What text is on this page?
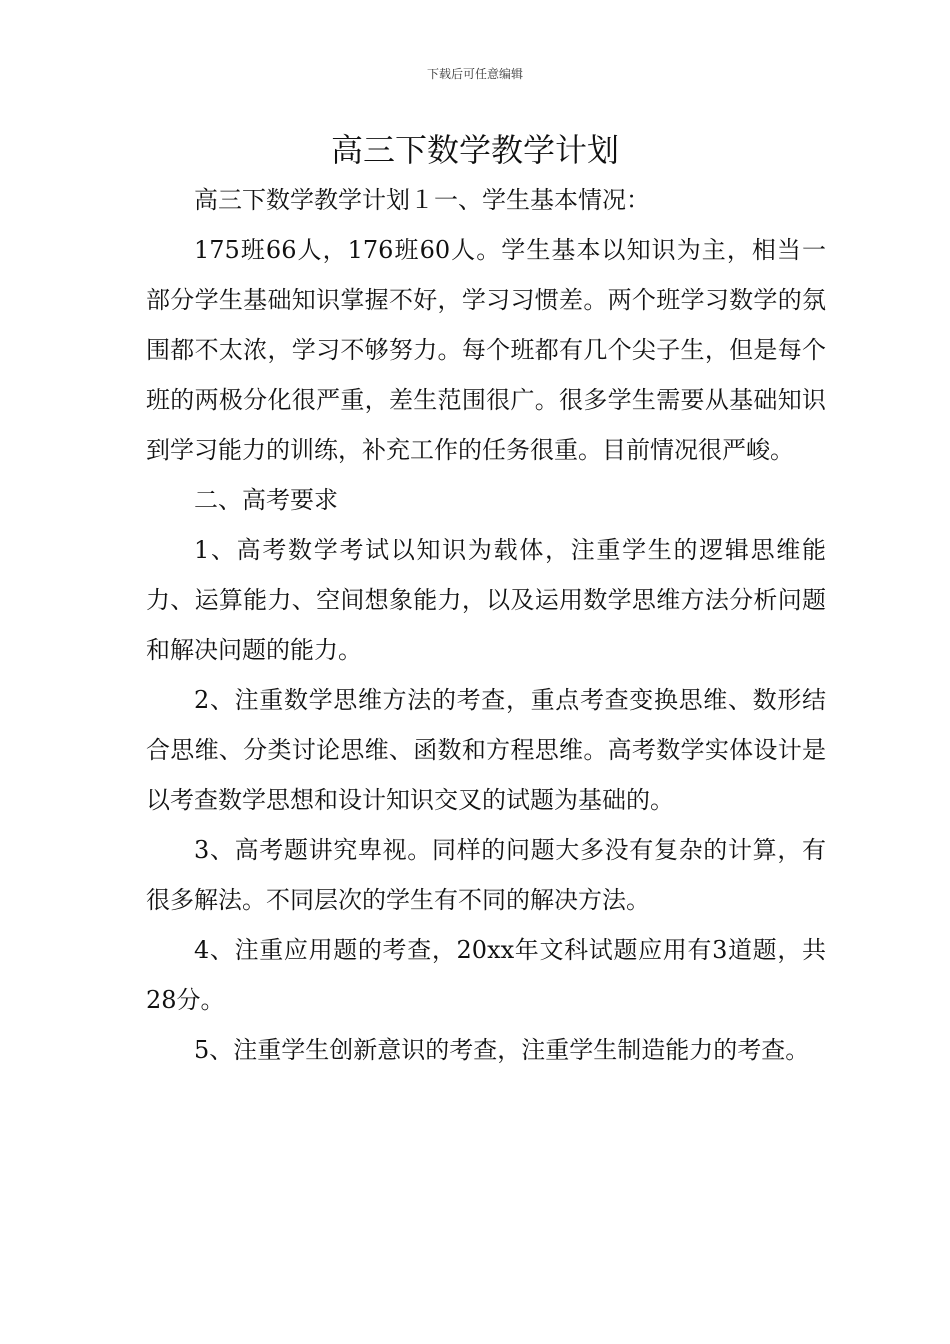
下载后可任意编辑
高三下数学教学计划

高三下数学教学计划１一、学生基本情况：

175班66人，176班60人。学生基本以知识为主，相当一部分学生基础知识掌握不好，学习习惯差。两个班学习数学的氛围都不太浓，学习不够努力。每个班都有几个尖子生，但是每个班的两极分化很严重，差生范围很广。很多学生需要从基础知识到学习能力的训练，补充工作的任务很重。目前情况很严峻。

二、高考要求

1、高考数学考试以知识为载体，注重学生的逻辑思维能力、运算能力、空间想象能力，以及运用数学思维方法分析问题和解决问题的能力。

2、注重数学思维方法的考查，重点考查变换思维、数形结合思维、分类讨论思维、函数和方程思维。高考数学实体设计是以考查数学思想和设计知识交叉的试题为基础的。

3、高考题讲究卑视。同样的问题大多没有复杂的计算，有很多解法。不同层次的学生有不同的解决方法。

4、注重应用题的考查，20xx年文科试题应用有3道题，共28分。

5、注重学生创新意识的考查，注重学生制造能力的考查。
